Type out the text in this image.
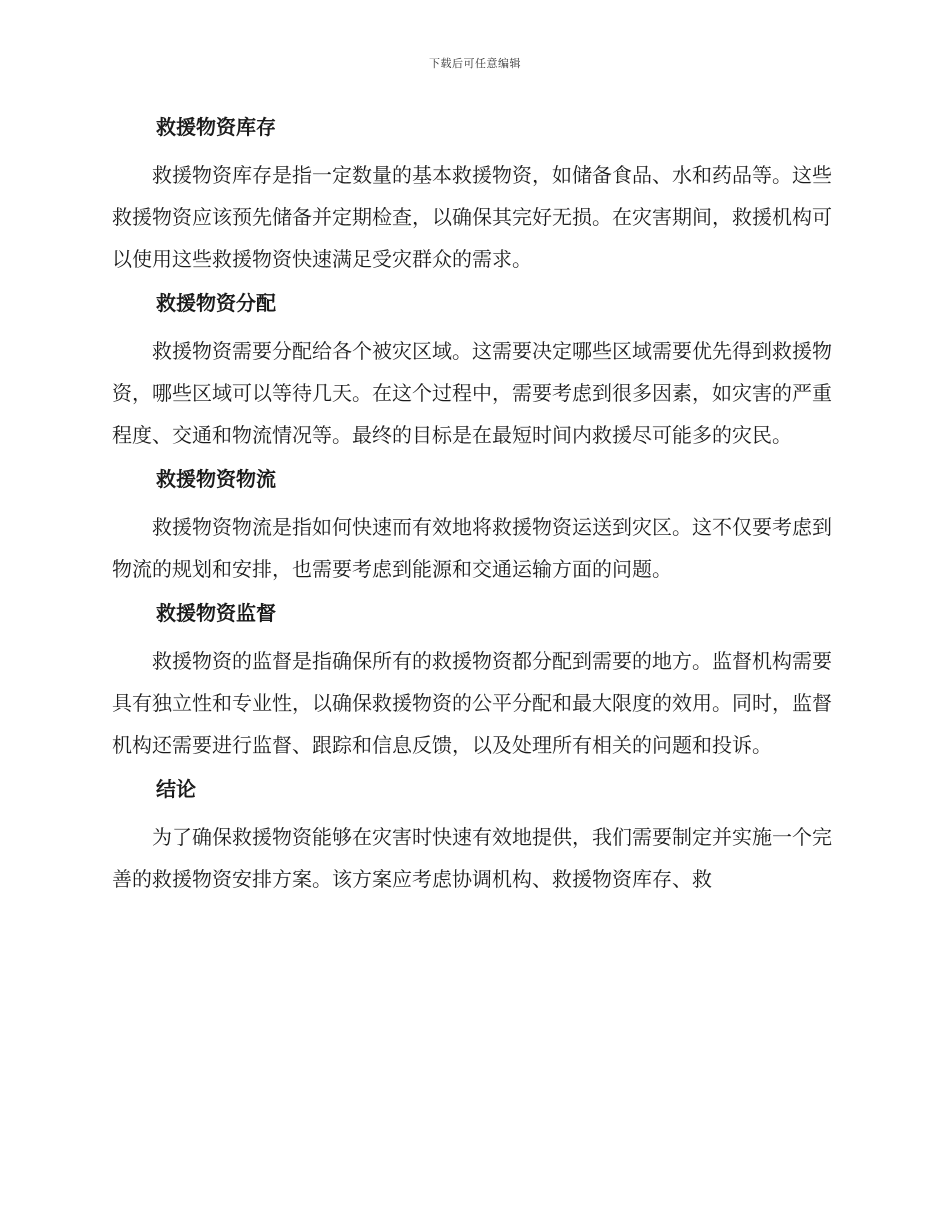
下载后可任意编辑
救援物资库存

救援物资库存是指一定数量的基本救援物资，如储备食品、水和药品等。这些救援物资应该预先储备并定期检查，以确保其完好无损。在灾害期间，救援机构可以使用这些救援物资快速满足受灾群众的需求。

救援物资分配

救援物资需要分配给各个被灾区域。这需要决定哪些区域需要优先得到救援物资，哪些区域可以等待几天。在这个过程中，需要考虑到很多因素，如灾害的严重程度、交通和物流情况等。最终的目标是在最短时间内救援尽可能多的灾民。

救援物资物流

救援物资物流是指如何快速而有效地将救援物资运送到灾区。这不仅要考虑到物流的规划和安排，也需要考虑到能源和交通运输方面的问题。

救援物资监督

救援物资的监督是指确保所有的救援物资都分配到需要的地方。监督机构需要具有独立性和专业性，以确保救援物资的公平分配和最大限度的效用。同时，监督机构还需要进行监督、跟踪和信息反馈，以及处理所有相关的问题和投诉。

结论

为了确保救援物资能够在灾害时快速有效地提供，我们需要制定并实施一个完善的救援物资安排方案。该方案应考虑协调机构、救援物资库存、救
